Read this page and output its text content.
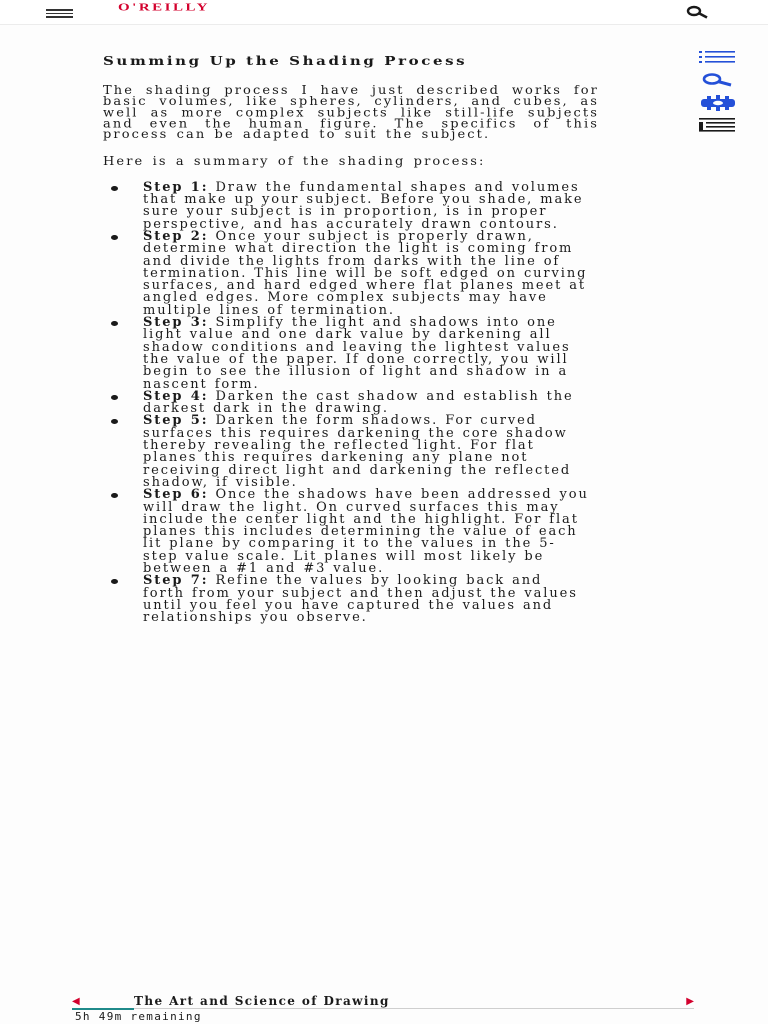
O'REILLY
Summing Up the Shading Process

The shading process I have just described works for basic volumes, like spheres, cylinders, and cubes, as well as more complex subjects like still-life subjects and even the human figure. The specifics of this process can be adapted to suit the subject.

Here is a summary of the shading process:

Step 1: Draw the fundamental shapes and volumes that make up your subject. Before you shade, make sure your subject is in proportion, is in proper perspective, and has accurately drawn contours.
Step 2: Once your subject is properly drawn, determine what direction the light is coming from and divide the lights from darks with the line of termination. This line will be soft edged on curving surfaces, and hard edged where flat planes meet at angled edges. More complex subjects may have multiple lines of termination.
Step 3: Simplify the light and shadows into one light value and one dark value by darkening all shadow conditions and leaving the lightest values the value of the paper. If done correctly, you will begin to see the illusion of light and shadow in a nascent form.
Step 4: Darken the cast shadow and establish the darkest dark in the drawing.
Step 5: Darken the form shadows. For curved surfaces this requires darkening the core shadow thereby revealing the reflected light. For flat planes this requires darkening any plane not receiving direct light and darkening the reflected shadow, if visible.
Step 6: Once the shadows have been addressed you will draw the light. On curved surfaces this may include the center light and the highlight. For flat planes this includes determining the value of each lit plane by comparing it to the values in the 5-step value scale. Lit planes will most likely be between a #1 and #3 value.
Step 7: Refine the values by looking back and forth from your subject and then adjust the values until you feel you have captured the values and relationships you observe.
◀	The Art and Science of Drawing	▶
5h 49m remaining
